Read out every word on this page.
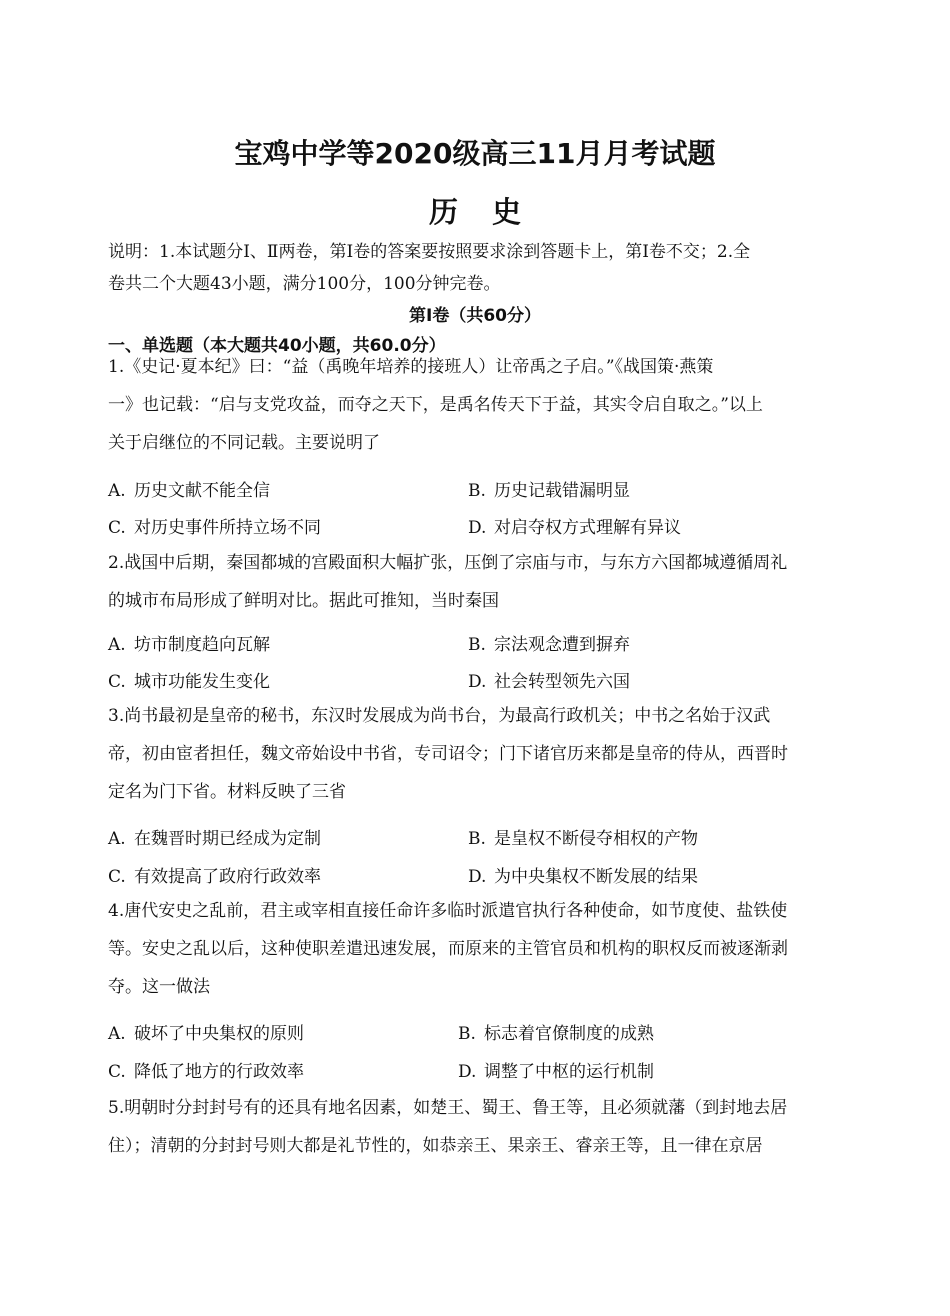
宝鸡中学等2020级高三11月月考试题
历史
说明：1.本试题分Ⅰ、Ⅱ两卷，第Ⅰ卷的答案要按照要求涂到答题卡上，第Ⅰ卷不交；2.全
卷共二个大题43小题，满分100分，100分钟完卷。
第Ⅰ卷（共60分）
一、单选题（本大题共40小题，共60.0分）
1.《史记·夏本纪》曰：“益（禹晚年培养的接班人）让帝禹之子启。”《战国策·燕策
一》也记载：“启与支党攻益，而夺之天下，是禹名传天下于益，其实令启自取之。”以上
关于启继位的不同记载。主要说明了
A. 历史文献不能全信	B. 历史记载错漏明显
C. 对历史事件所持立场不同	D. 对启夺权方式理解有异议
2.战国中后期，秦国都城的宫殿面积大幅扩张，压倒了宗庙与市，与东方六国都城遵循周礼
的城市布局形成了鲜明对比。据此可推知，当时秦国
A. 坊市制度趋向瓦解	B. 宗法观念遭到摒弃
C. 城市功能发生变化	D. 社会转型领先六国
3.尚书最初是皇帝的秘书，东汉时发展成为尚书台，为最高行政机关；中书之名始于汉武
帝，初由宦者担任，魏文帝始设中书省，专司诏令；门下诸官历来都是皇帝的侍从，西晋时
定名为门下省。材料反映了三省
A. 在魏晋时期已经成为定制	B. 是皇权不断侵夺相权的产物
C. 有效提高了政府行政效率	D. 为中央集权不断发展的结果
4.唐代安史之乱前，君主或宰相直接任命许多临时派遣官执行各种使命，如节度使、盐铁使
等。安史之乱以后，这种使职差遣迅速发展，而原来的主管官员和机构的职权反而被逐渐剥
夺。这一做法
A. 破坏了中央集权的原则	B. 标志着官僚制度的成熟
C. 降低了地方的行政效率	D. 调整了中枢的运行机制
5.明朝时分封封号有的还具有地名因素，如楚王、蜀王、鲁王等，且必须就藩（到封地去居
住）；清朝的分封封号则大都是礼节性的，如恭亲王、果亲王、睿亲王等，且一律在京居
